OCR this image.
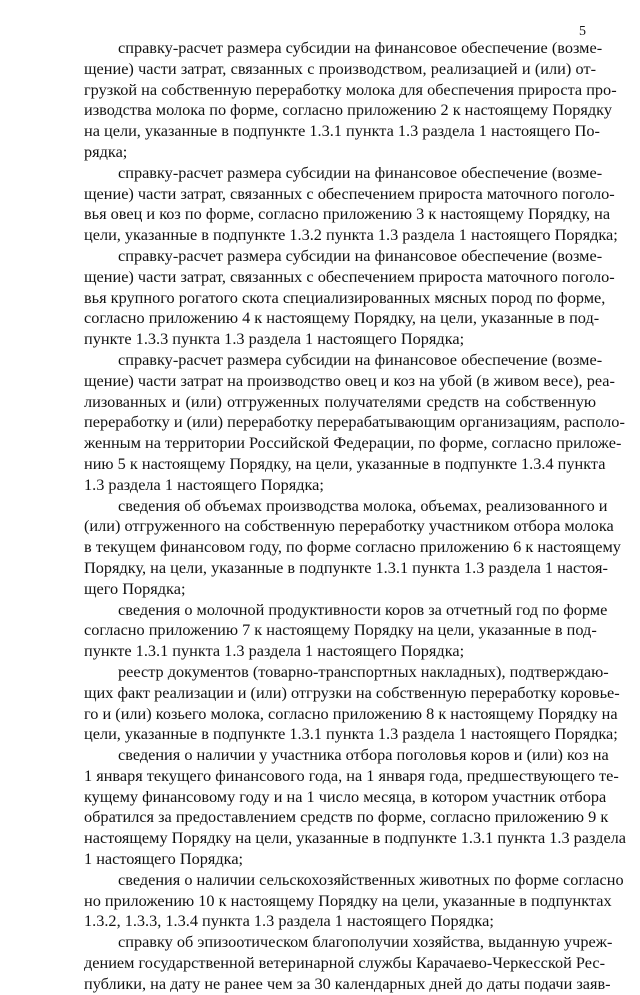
5
справку-расчет размера субсидии на финансовое обеспечение (возме-
щение) части затрат, связанных с производством, реализацией и (или) от-
грузкой на собственную переработку молока для обеспечения прироста про-
изводства молока по форме, согласно приложению 2 к настоящему Порядку
на цели, указанные в подпункте 1.3.1 пункта 1.3 раздела 1 настоящего По-
рядка;
справку-расчет размера субсидии на финансовое обеспечение (возме-
щение) части затрат, связанных с обеспечением прироста маточного поголо-
вья овец и коз по форме, согласно приложению 3 к настоящему Порядку, на
цели, указанные в подпункте 1.3.2 пункта 1.3 раздела 1 настоящего Порядка;
справку-расчет размера субсидии на финансовое обеспечение (возме-
щение) части затрат, связанных с обеспечением прироста маточного поголо-
вья крупного рогатого скота специализированных мясных пород по форме,
согласно приложению 4 к настоящему Порядку, на цели, указанные в под-
пункте 1.3.3 пункта 1.3 раздела 1 настоящего Порядка;
справку-расчет размера субсидии на финансовое обеспечение (возме-
щение) части затрат на производство овец и коз на убой (в живом весе), реа-
лизованных и (или) отгруженных получателями средств на собственную
переработку и (или) переработку перерабатывающим организациям, располо-
женным на территории Российской Федерации, по форме, согласно приложе-
нию 5 к настоящему Порядку, на цели, указанные в подпункте 1.3.4 пункта
1.3 раздела 1 настоящего Порядка;
сведения об объемах производства молока, объемах, реализованного и
(или) отгруженного на собственную переработку участником отбора молока
в текущем финансовом году, по форме согласно приложению 6 к настоящему
Порядку, на цели, указанные в подпункте 1.3.1 пункта 1.3 раздела 1 настоя-
щего Порядка;
сведения о молочной продуктивности коров за отчетный год по форме
согласно приложению 7 к настоящему Порядку на цели, указанные в под-
пункте 1.3.1 пункта 1.3 раздела 1 настоящего Порядка;
реестр документов (товарно-транспортных накладных), подтверждаю-
щих факт реализации и (или) отгрузки на собственную переработку коровье-
го и (или) козьего молока, согласно приложению 8 к настоящему Порядку на
цели, указанные в подпункте 1.3.1 пункта 1.3 раздела 1 настоящего Порядка;
сведения о наличии у участника отбора поголовья коров и (или) коз на
1 января текущего финансового года, на 1 января года, предшествующего те-
кущему финансовому году и на 1 число месяца, в котором участник отбора
обратился за предоставлением средств по форме, согласно приложению 9 к
настоящему Порядку на цели, указанные в подпункте 1.3.1 пункта 1.3 раздела
1 настоящего Порядка;
сведения о наличии сельскохозяйственных животных по форме согласно
но приложению 10 к настоящему Порядку на цели, указанные в подпунктах
1.3.2, 1.3.3, 1.3.4 пункта 1.3 раздела 1 настоящего Порядка;
справку об эпизоотическом благополучии хозяйства, выданную учреж-
дением государственной ветеринарной службы Карачаево-Черкесской Рес-
публики, на дату не ранее чем за 30 календарных дней до даты подачи заяв-
